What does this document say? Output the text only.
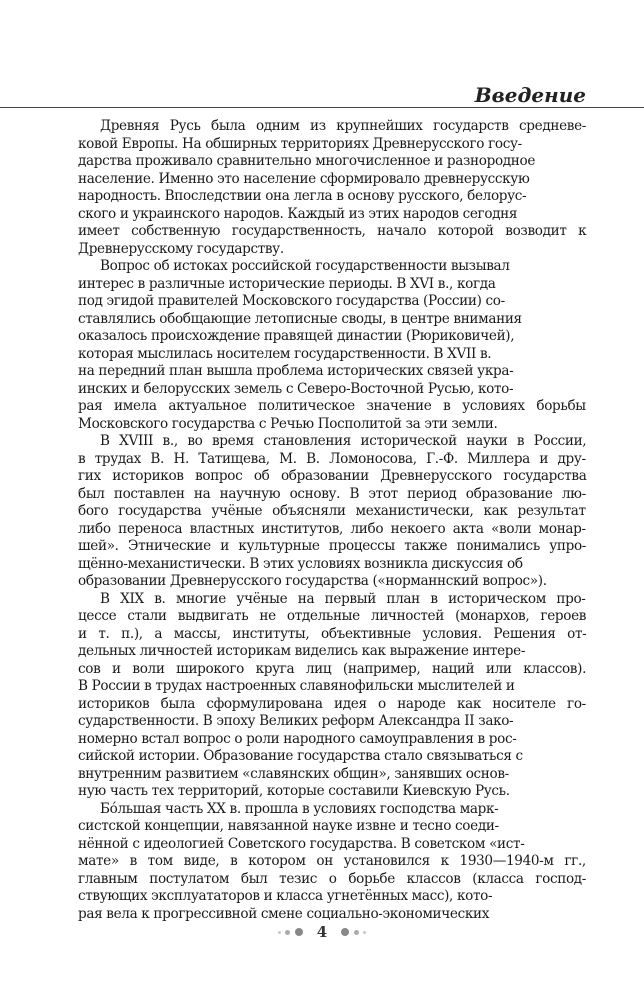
Введение
Древняя Русь была одним из крупнейших государств средневе-
ковой Европы. На обширных территориях Древнерусского госу-
дарства проживало сравнительно многочисленное и разнородное
население. Именно это население сформировало древнерусскую
народность. Впоследствии она легла в основу русского, белорус-
ского и украинского народов. Каждый из этих народов сегодня
имеет собственную государственность, начало которой возводит к
Древнерусскому государству.
Вопрос об истоках российской государственности вызывал
интерес в различные исторические периоды. В XVI в., когда
под эгидой правителей Московского государства (России) со-
ставлялись обобщающие летописные своды, в центре внимания
оказалось происхождение правящей династии (Рюриковичей),
которая мыслилась носителем государственности. В XVII в.
на передний план вышла проблема исторических связей укра-
инских и белорусских земель с Северо-Восточной Русью, кото-
рая имела актуальное политическое значение в условиях борьбы
Московского государства с Речью Посполитой за эти земли.
В XVIII в., во время становления исторической науки в России,
в трудах В. Н. Татищева, М. В. Ломоносова, Г.-Ф. Миллера и дру-
гих историков вопрос об образовании Древнерусского государства
был поставлен на научную основу. В этот период образование лю-
бого государства учёные объясняли механистически, как результат
либо переноса властных институтов, либо некоего акта «воли монар-
шей». Этнические и культурные процессы также понимались упро-
щённо-механистически. В этих условиях возникла дискуссия об
образовании Древнерусского государства («норманнский вопрос»).
В XIX в. многие учёные на первый план в историческом про-
цессе стали выдвигать не отдельные личностей (монархов, героев
и т. п.), а массы, институты, объективные условия. Решения от-
дельных личностей историкам виделись как выражение интере-
сов и воли широкого круга лиц (например, наций или классов).
В России в трудах настроенных славянофильски мыслителей и
историков была сформулирована идея о народе как носителе го-
сударственности. В эпоху Великих реформ Александра II зако-
номерно встал вопрос о роли народного самоуправления в рос-
сийской истории. Образование государства стало связываться с
внутренним развитием «славянских общин», занявших основ-
ную часть тех территорий, которые составили Киевскую Русь.
Бóльшая часть XX в. прошла в условиях господства марк-
систской концепции, навязанной науке извне и тесно соеди-
нённой с идеологией Советского государства. В советском «ист-
мате» в том виде, в котором он установился к 1930—1940-м гг.,
главным постулатом был тезис о борьбе классов (класса господ-
ствующих эксплуататоров и класса угнетённых масс), кото-
рая вела к прогрессивной смене социально-экономических
4
